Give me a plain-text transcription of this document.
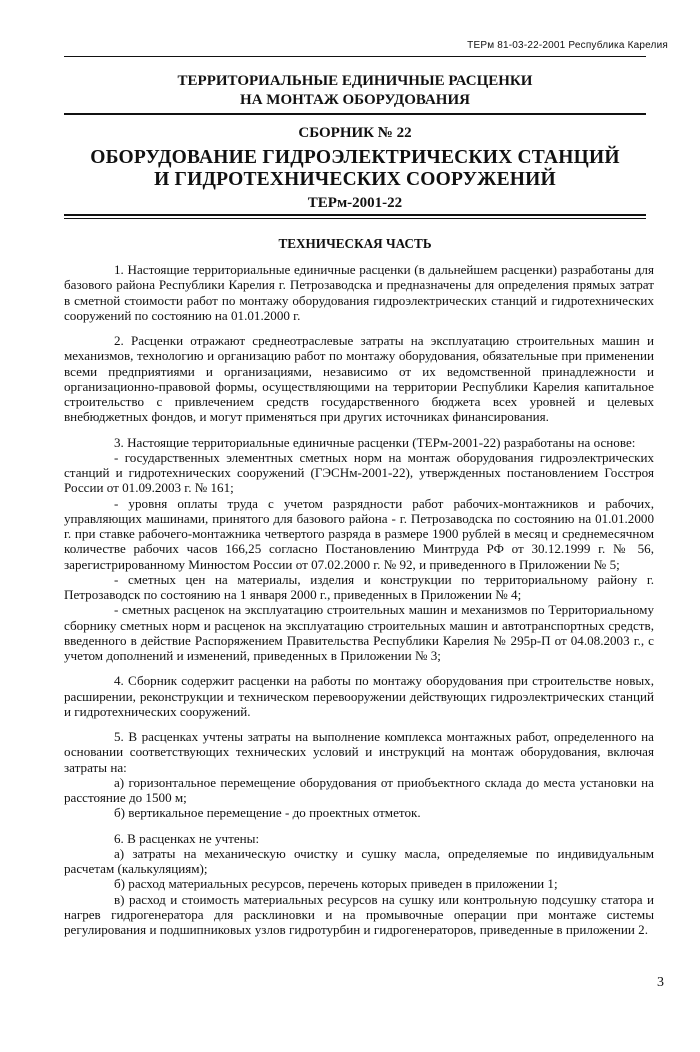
ТЕРм 81-03-22-2001 Республика Карелия
ТЕРРИТОРИАЛЬНЫЕ ЕДИНИЧНЫЕ РАСЦЕНКИ
НА МОНТАЖ ОБОРУДОВАНИЯ
СБОРНИК № 22
ОБОРУДОВАНИЕ ГИДРОЭЛЕКТРИЧЕСКИХ СТАНЦИЙ
И ГИДРОТЕХНИЧЕСКИХ СООРУЖЕНИЙ
ТЕРм-2001-22
ТЕХНИЧЕСКАЯ ЧАСТЬ

1. Настоящие территориальные единичные расценки (в дальнейшем расценки) разработаны для базового района Республики Карелия г. Петрозаводска и предназначены для определения прямых затрат в сметной стоимости работ по монтажу оборудования гидроэлектрических станций и гидротехнических сооружений по состоянию на 01.01.2000 г.

2. Расценки отражают среднеотраслевые затраты на эксплуатацию строительных машин и механизмов, технологию и организацию работ по монтажу оборудования, обязательные при применении всеми предприятиями и организациями, независимо от их ведомственной принадлежности и организационно-правовой формы, осуществляющими на территории Республики Карелия капитальное строительство с привлечением средств государственного бюджета всех уровней и целевых внебюджетных фондов, и могут применяться при других источниках финансирования.

3. Настоящие территориальные единичные расценки (ТЕРм-2001-22) разработаны на основе:

- государственных элементных сметных норм на монтаж оборудования гидроэлектрических станций и гидротехнических сооружений (ГЭСНм-2001-22), утвержденных постановлением Госстроя России от 01.09.2003 г. № 161;

- уровня оплаты труда с учетом разрядности работ рабочих-монтажников и рабочих, управляющих машинами, принятого для базового района - г. Петрозаводска по состоянию на 01.01.2000 г. при ставке рабочего-монтажника четвертого разряда в размере 1900 рублей в месяц и среднемесячном количестве рабочих часов 166,25 согласно Постановлению Минтруда РФ от 30.12.1999 г. № 56, зарегистрированному Минюстом России от 07.02.2000 г. № 92, и приведенного в Приложении № 5;

- сметных цен на материалы, изделия и конструкции по территориальному району г. Петрозаводск по состоянию на 1 января 2000 г., приведенных в Приложении № 4;

- сметных расценок на эксплуатацию строительных машин и механизмов по Территориальному сборнику сметных норм и расценок на эксплуатацию строительных машин и автотранспортных средств, введенного в действие Распоряжением Правительства Республики Карелия № 295р-П от 04.08.2003 г., с учетом дополнений и изменений, приведенных в Приложении № 3;

4. Сборник содержит расценки на работы по монтажу оборудования при строительстве новых, расширении, реконструкции и техническом перевооружении действующих гидроэлектрических станций и гидротехнических сооружений.

5. В расценках учтены затраты на выполнение комплекса монтажных работ, определенного на основании соответствующих технических условий и инструкций на монтаж оборудования, включая затраты на:

а) горизонтальное перемещение оборудования от приобъектного склада до места установки на расстояние до 1500 м;

б) вертикальное перемещение - до проектных отметок.

6. В расценках не учтены:

а) затраты на механическую очистку и сушку масла, определяемые по индивидуальным расчетам (калькуляциям);

б) расход материальных ресурсов, перечень которых приведен в приложении 1;

в) расход и стоимость материальных ресурсов на сушку или контрольную подсушку статора и нагрев гидрогенератора для расклиновки и на промывочные операции при монтаже системы регулирования и подшипниковых узлов гидротурбин и гидрогенераторов, приведенные в приложении 2.

3
